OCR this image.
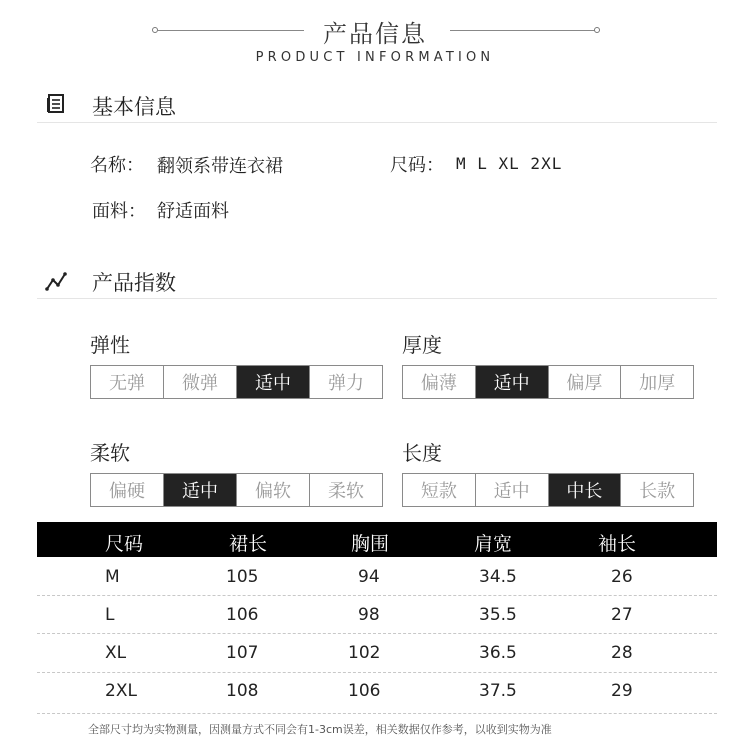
产品信息
PRODUCT INFORMATION
基本信息
名称： 翻领系带连衣裙	尺码： M L XL 2XL
面料： 舒适面料
产品指数
弹性
无弹	微弹	适中	弹力
厚度
偏薄	适中	偏厚	加厚
柔软
偏硬	适中	偏软	柔软
长度
短款	适中	中长	长款
尺码	裙长	胸围	肩宽	袖长
M	105	94	34.5	26
L	106	98	35.5	27
XL	107	102	36.5	28
2XL	108	106	37.5	29
全部尺寸均为实物测量，因测量方式不同会有1-3cm误差，相关数据仅作参考，以收到实物为准
